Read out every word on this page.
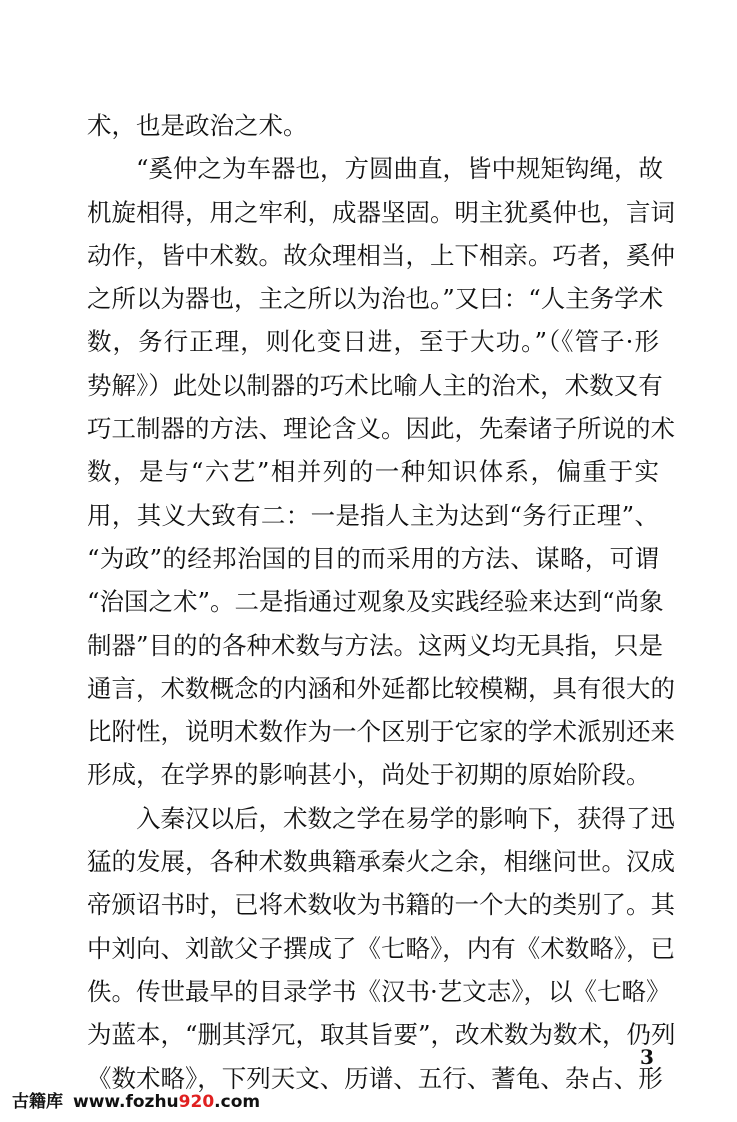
术，也是政治之术。
“奚仲之为车器也，方圆曲直，皆中规矩钩绳，故
机旋相得，用之牢利，成器坚固。明主犹奚仲也，言词
动作，皆中术数。故众理相当，上下相亲。巧者，奚仲
之所以为器也，主之所以为治也。”又曰：“人主务学术
数，务行正理，则化变日进，至于大功。”（《管子·形
势解》）此处以制器的巧术比喻人主的治术，术数又有
巧工制器的方法、理论含义。因此，先秦诸子所说的术
数，是与“六艺”相并列的一种知识体系，偏重于实
用，其义大致有二：一是指人主为达到“务行正理”、
“为政”的经邦治国的目的而采用的方法、谋略，可谓
“治国之术”。二是指通过观象及实践经验来达到“尚象
制器”目的的各种术数与方法。这两义均无具指，只是
通言，术数概念的内涵和外延都比较模糊，具有很大的
比附性，说明术数作为一个区别于它家的学术派别还来
形成，在学界的影响甚小，尚处于初期的原始阶段。
入秦汉以后，术数之学在易学的影响下，获得了迅
猛的发展，各种术数典籍承秦火之余，相继问世。汉成
帝颁诏书时，已将术数收为书籍的一个大的类别了。其
中刘向、刘歆父子撰成了《七略》，内有《术数略》，已
佚。传世最早的目录学书《汉书·艺文志》，以《七略》
为蓝本，“删其浮冗，取其旨要”，改术数为数术，仍列
《数术略》，下列天文、历谱、五行、蓍龟、杂占、形
3
古籍库 www.fozhu920.com
